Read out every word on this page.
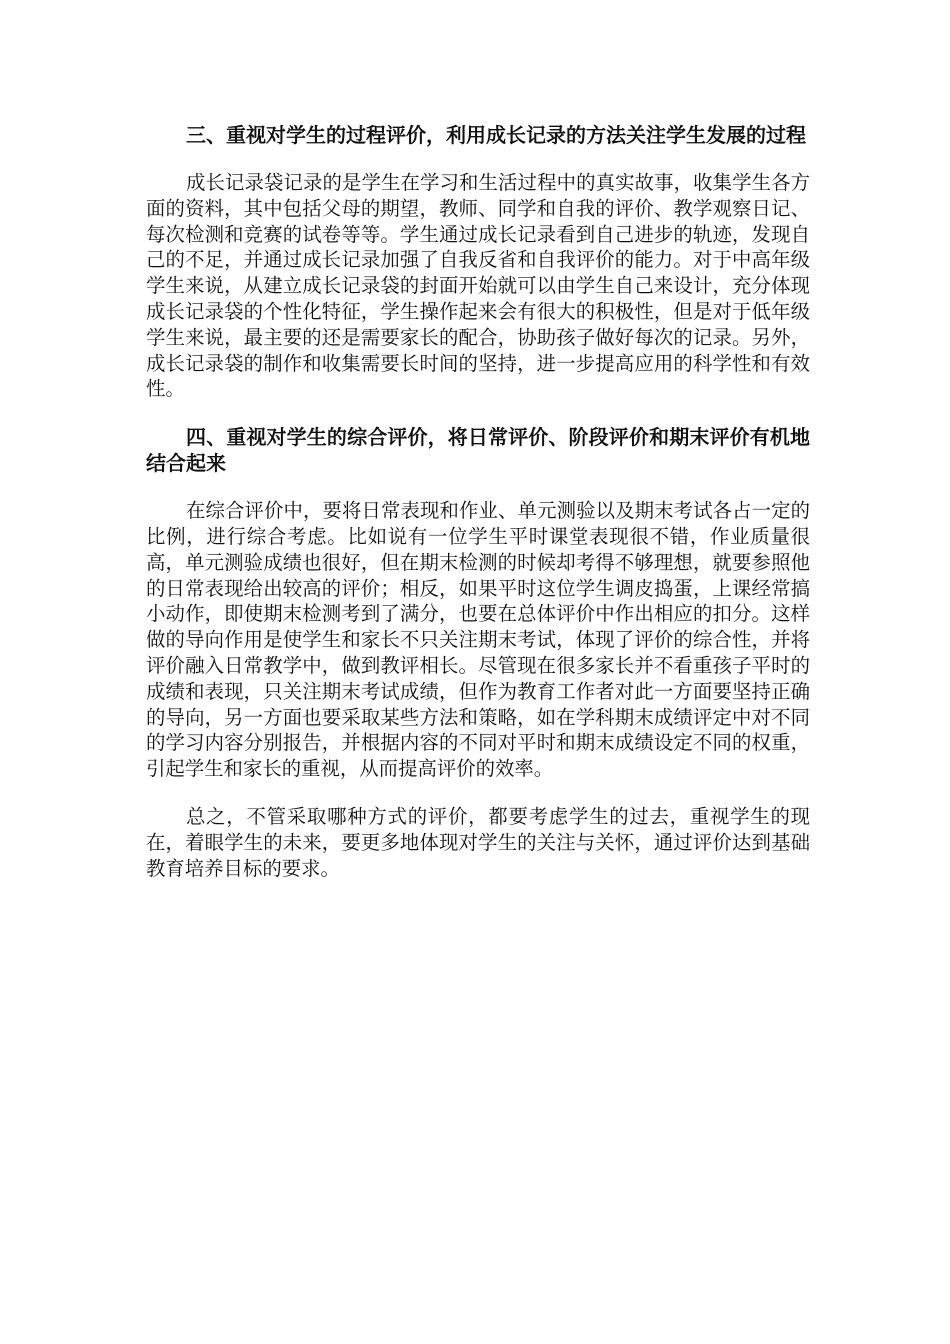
三、重视对学生的过程评价，利用成长记录的方法关注学生发展的过程
成长记录袋记录的是学生在学习和生活过程中的真实故事，收集学生各方面的资料，其中包括父母的期望，教师、同学和自我的评价、教学观察日记、每次检测和竞赛的试卷等等。学生通过成长记录看到自己进步的轨迹，发现自己的不足，并通过成长记录加强了自我反省和自我评价的能力。对于中高年级学生来说，从建立成长记录袋的封面开始就可以由学生自己来设计，充分体现成长记录袋的个性化特征，学生操作起来会有很大的积极性，但是对于低年级学生来说，最主要的还是需要家长的配合，协助孩子做好每次的记录。另外，成长记录袋的制作和收集需要长时间的坚持，进一步提高应用的科学性和有效性。
四、重视对学生的综合评价，将日常评价、阶段评价和期末评价有机地结合起来
在综合评价中，要将日常表现和作业、单元测验以及期末考试各占一定的比例，进行综合考虑。比如说有一位学生平时课堂表现很不错，作业质量很高，单元测验成绩也很好，但在期末检测的时候却考得不够理想，就要参照他的日常表现给出较高的评价；相反，如果平时这位学生调皮捣蛋，上课经常搞小动作，即使期末检测考到了满分，也要在总体评价中作出相应的扣分。这样做的导向作用是使学生和家长不只关注期末考试，体现了评价的综合性，并将评价融入日常教学中，做到教评相长。尽管现在很多家长并不看重孩子平时的成绩和表现，只关注期末考试成绩，但作为教育工作者对此一方面要坚持正确的导向，另一方面也要采取某些方法和策略，如在学科期末成绩评定中对不同的学习内容分别报告，并根据内容的不同对平时和期末成绩设定不同的权重，引起学生和家长的重视，从而提高评价的效率。
总之，不管采取哪种方式的评价，都要考虑学生的过去，重视学生的现在，着眼学生的未来，要更多地体现对学生的关注与关怀，通过评价达到基础教育培养目标的要求。
